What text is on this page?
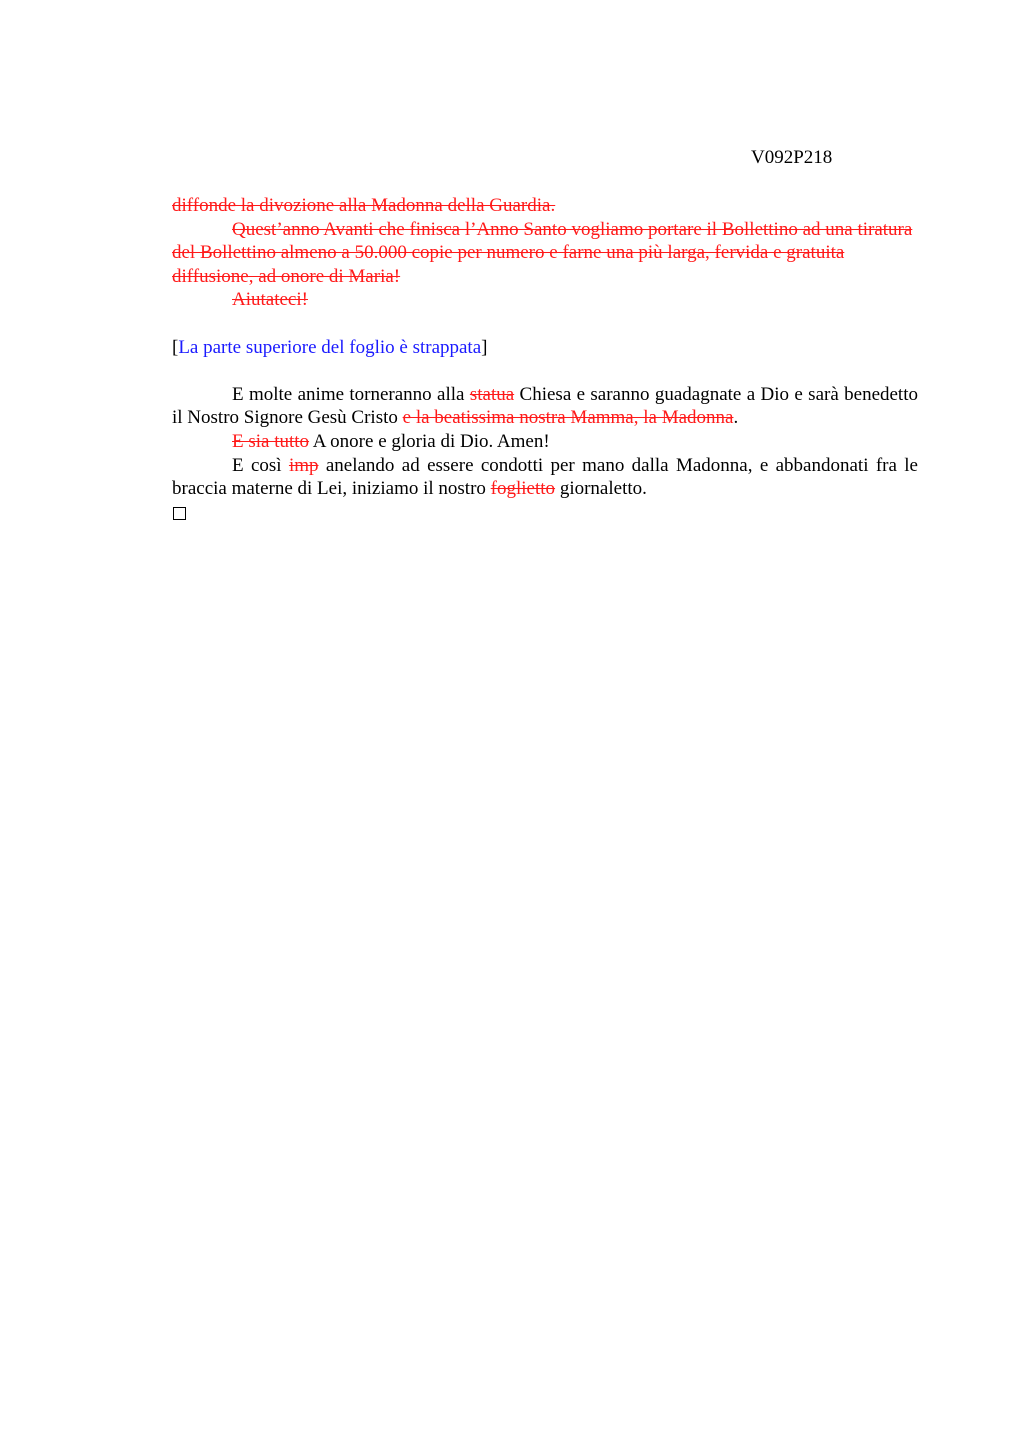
V092P218

diffonde la divozione alla Madonna della Guardia.

Quest’anno Avanti che finisca l’Anno Santo vogliamo portare il Bollettino ad una tiratura del Bollettino almeno a 50.000 copie per numero e farne una più larga, fervida e gratuita diffusione, ad onore di Maria!

Aiutateci!

[La parte superiore del foglio è strappata]

E molte anime torneranno alla statua Chiesa e saranno guadagnate a Dio e sarà benedetto il Nostro Signore Gesù Cristo e la beatissima nostra Mamma, la Madonna.

E sia tutto A onore e gloria di Dio. Amen!

E così imp anelando ad essere condotti per mano dalla Madonna, e abbandonati fra le braccia materne di Lei, iniziamo il nostro foglietto giornaletto.
